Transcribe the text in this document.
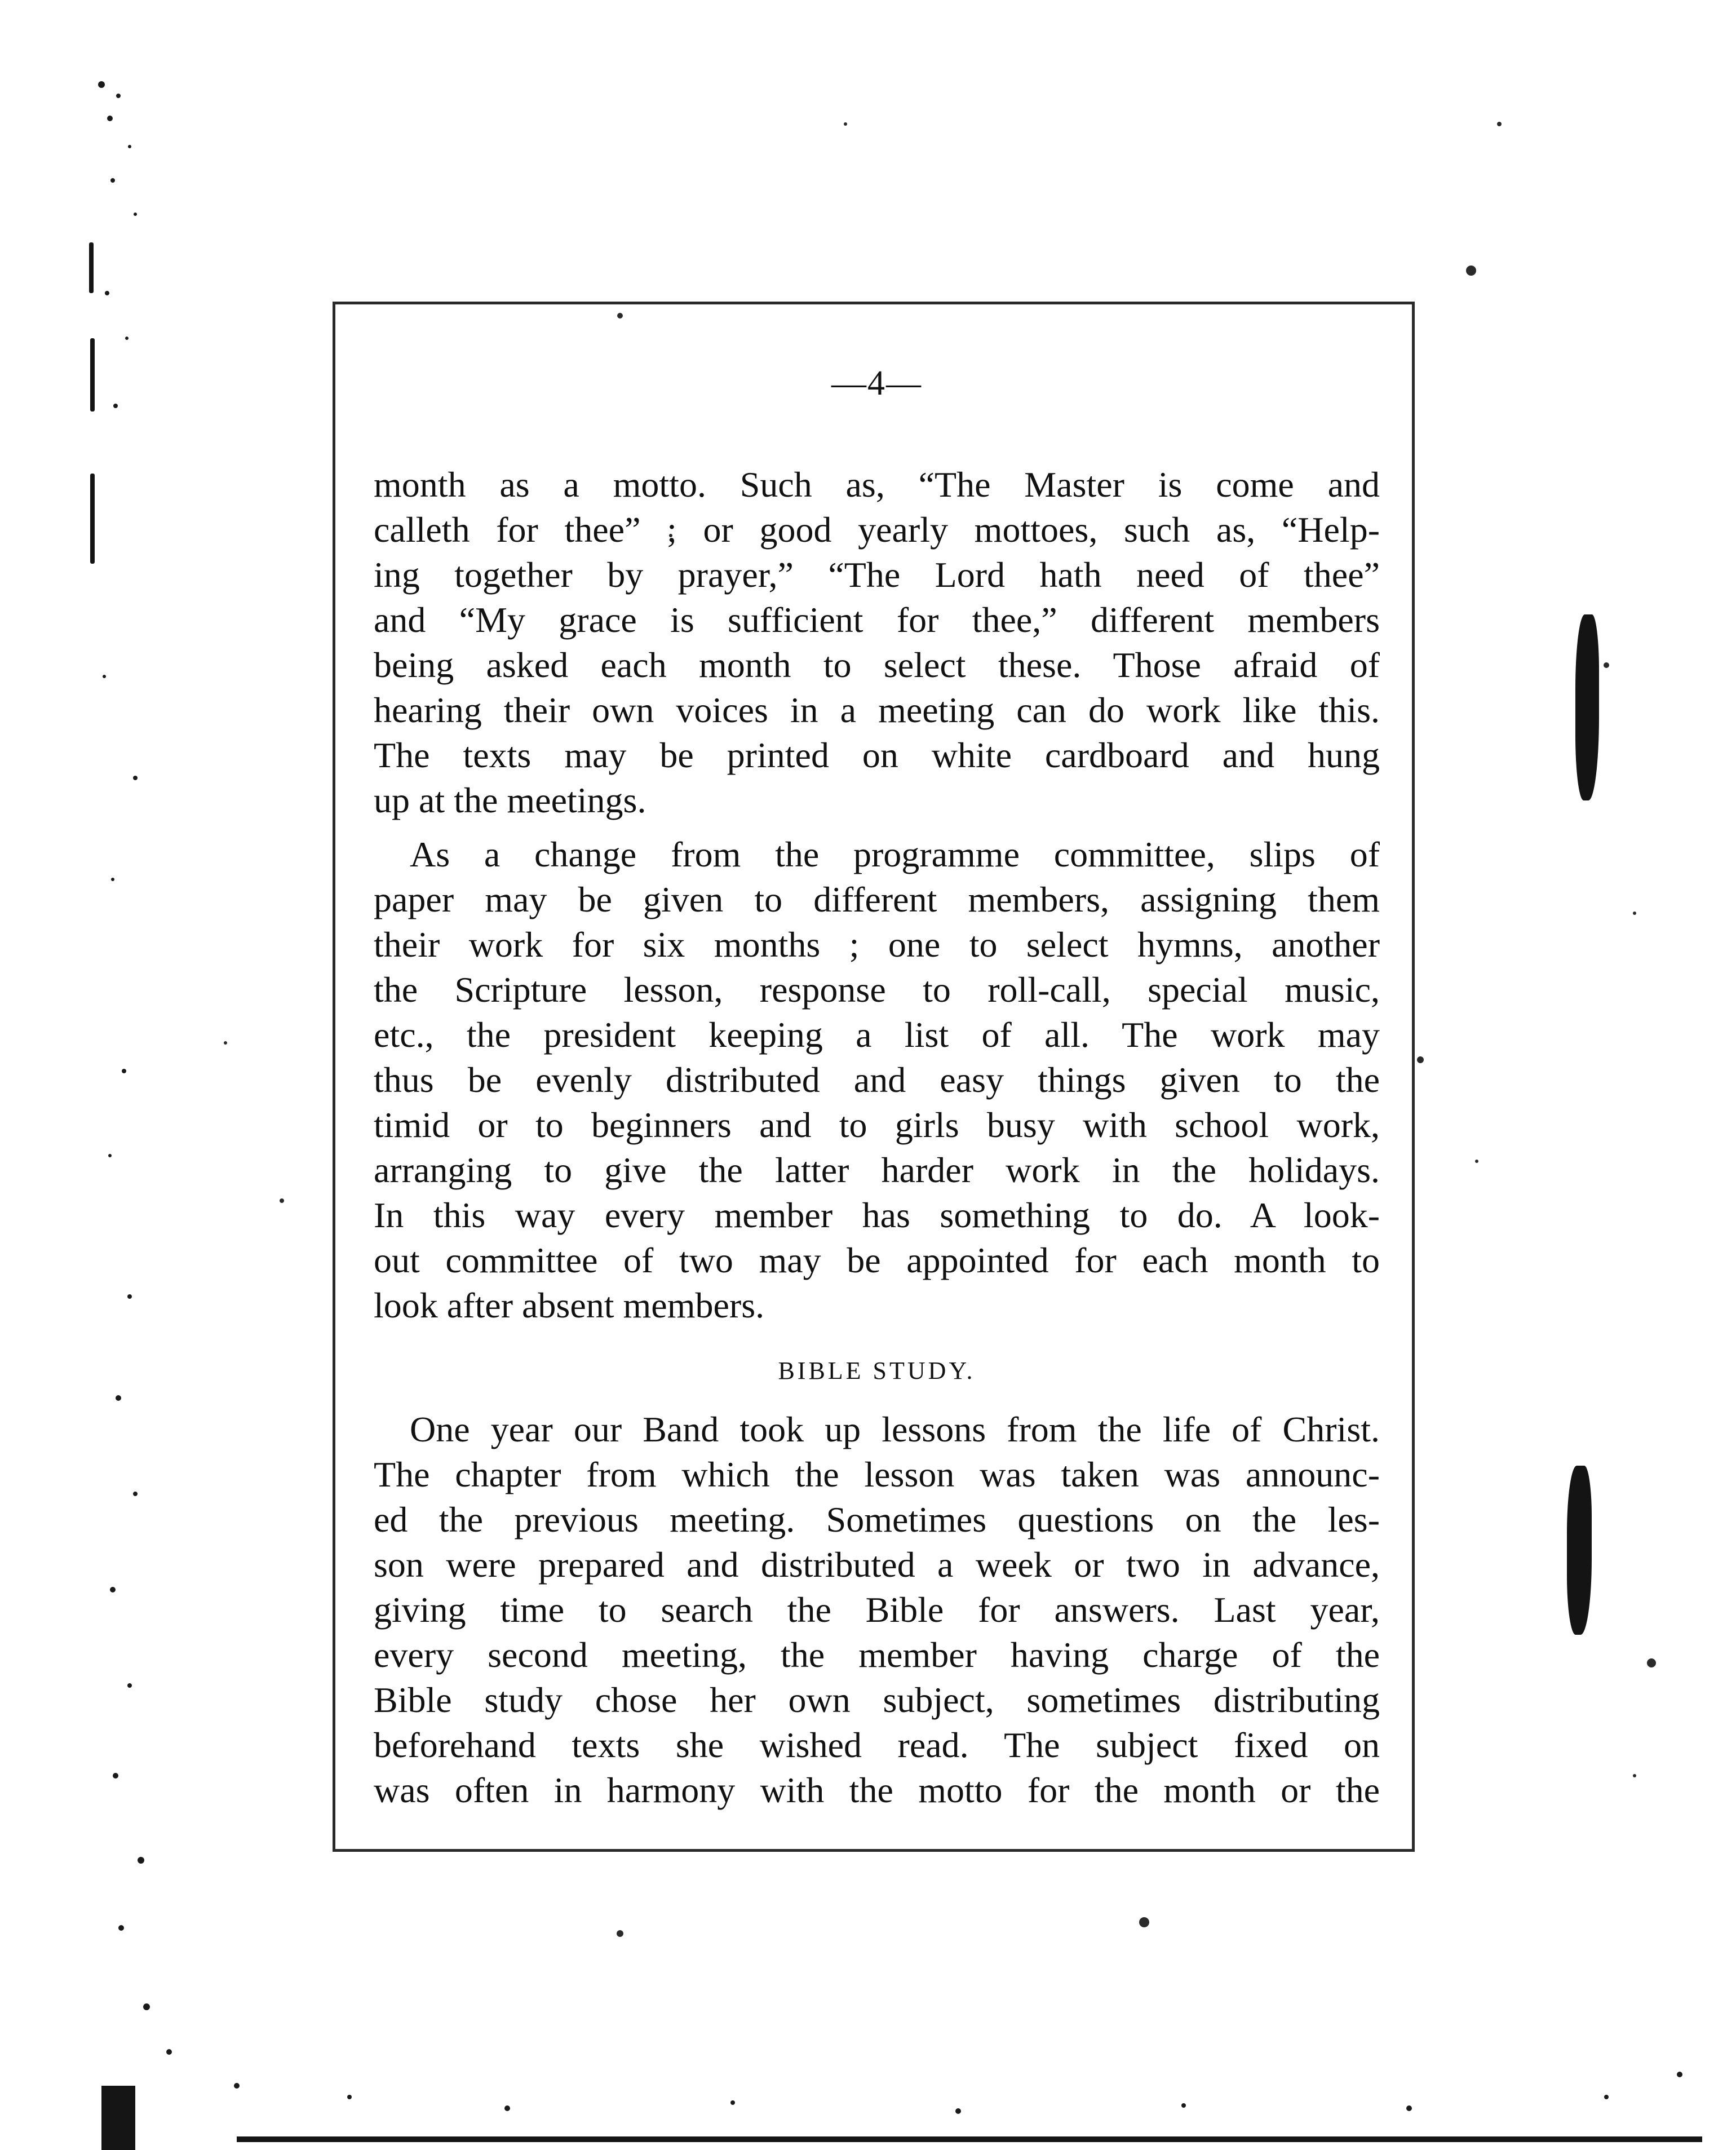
—4—

month as a motto. Such as, “The Master is come and
calleth for thee” ; or good yearly mottoes, such as, “Help-
ing together by prayer,” “The Lord hath need of thee”
and “My grace is sufficient for thee,” different members
being asked each month to select these. Those afraid of
hearing their own voices in a meeting can do work like this.
The texts may be printed on white cardboard and hung
up at the meetings.

As a change from the programme committee, slips of
paper may be given to different members, assigning them
their work for six months ; one to select hymns, another
the Scripture lesson, response to roll-call, special music,
etc., the president keeping a list of all. The work may
thus be evenly distributed and easy things given to the
timid or to beginners and to girls busy with school work,
arranging to give the latter harder work in the holidays.
In this way every member has something to do. A look-
out committee of two may be appointed for each month to
look after absent members.

BIBLE STUDY.

One year our Band took up lessons from the life of Christ.
The chapter from which the lesson was taken was announc-
ed the previous meeting. Sometimes questions on the les-
son were prepared and distributed a week or two in advance,
giving time to search the Bible for answers. Last year,
every second meeting, the member having charge of the
Bible study chose her own subject, sometimes distributing
beforehand texts she wished read. The subject fixed on
was often in harmony with the motto for the month or the
